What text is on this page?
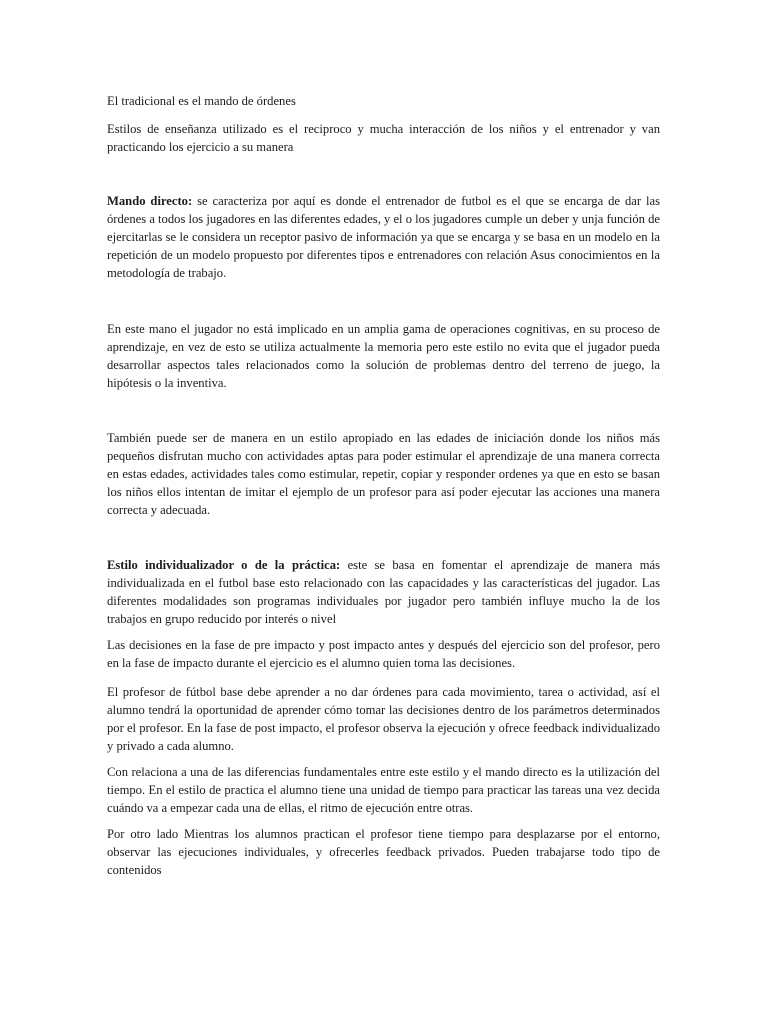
El tradicional es el mando de órdenes

Estilos de enseñanza utilizado es el reciproco y mucha interacción de los niños y el entrenador y van practicando los ejercicio a su manera

Mando directo: se caracteriza por aquí es donde el entrenador de futbol es el que se encarga de dar las órdenes a todos los jugadores en las diferentes edades, y el o los jugadores cumple un deber y unja función de ejercitarlas se le considera un receptor pasivo de información ya que se encarga y se basa en un modelo en la repetición de un modelo propuesto por diferentes tipos e entrenadores con relación Asus conocimientos en la metodología de trabajo.

En este mano el jugador no está implicado en un amplia gama de operaciones cognitivas, en su proceso de aprendizaje, en vez de esto se utiliza actualmente la memoria pero este estilo no evita que el jugador pueda desarrollar aspectos tales relacionados como la solución de problemas dentro del terreno de juego, la hipótesis o la inventiva.

También puede ser de manera en un estilo apropiado en las edades de iniciación donde los niños más pequeños disfrutan mucho con actividades aptas para poder estimular el aprendizaje de una manera correcta en estas edades, actividades tales como estimular, repetir, copiar y responder ordenes ya que en esto se basan los niños ellos intentan de imitar el ejemplo de un profesor para así poder ejecutar las acciones una manera correcta y adecuada.

Estilo individualizador o de la práctica: este se basa en fomentar el aprendizaje de manera más individualizada en el futbol base esto relacionado con las capacidades y las características del jugador. Las diferentes modalidades son programas individuales por jugador pero también influye mucho la de los trabajos en grupo reducido por interés o nivel

Las decisiones en la fase de pre impacto y post impacto antes y después del ejercicio son del profesor, pero en la fase de impacto durante el ejercicio es el alumno quien toma las decisiones.

El profesor de fútbol base debe aprender a no dar órdenes para cada movimiento, tarea o actividad, así el alumno tendrá la oportunidad de aprender cómo tomar las decisiones dentro de los parámetros determinados por el profesor. En la fase de post impacto, el profesor observa la ejecución y ofrece feedback individualizado y privado a cada alumno.

Con relaciona a una de las diferencias fundamentales entre este estilo y el mando directo es la utilización del tiempo. En el estilo de practica el alumno tiene una unidad de tiempo para practicar las tareas una vez decida cuándo va a empezar cada una de ellas, el ritmo de ejecución entre otras.

Por otro lado Mientras los alumnos practican el profesor tiene tiempo para desplazarse por el entorno, observar las ejecuciones individuales, y ofrecerles feedback privados. Pueden trabajarse todo tipo de contenidos
